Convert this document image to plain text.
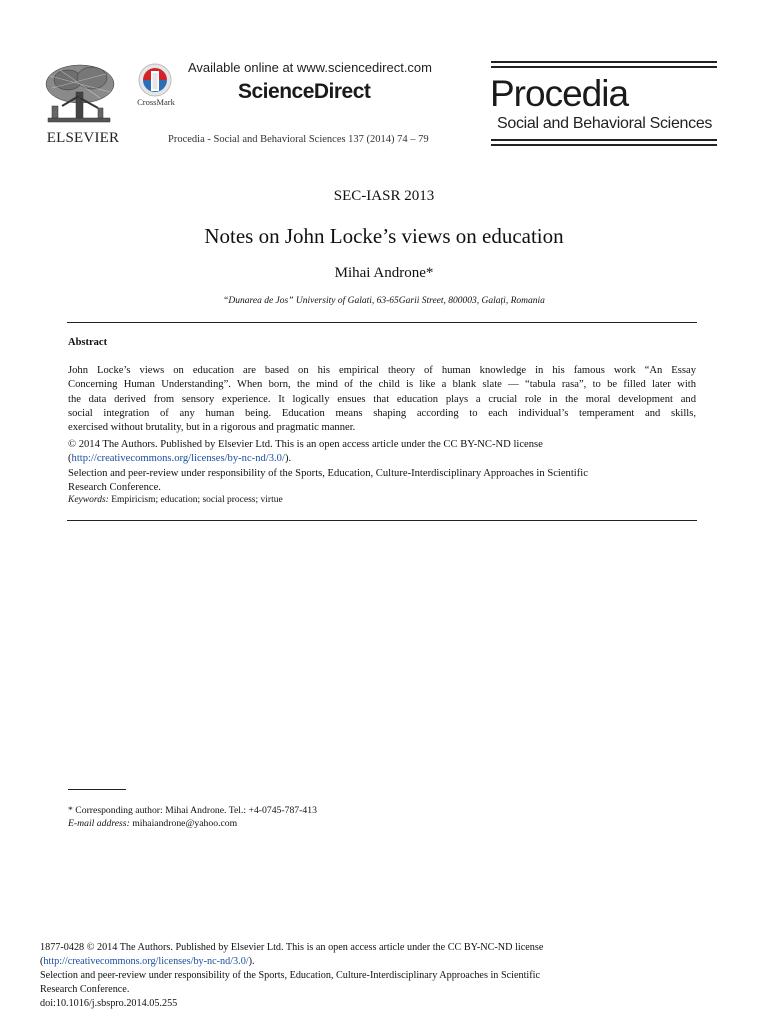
ELSEVIER
CrossMark
Available online at www.sciencedirect.com
ScienceDirect
Procedia - Social and Behavioral Sciences 137 (2014) 74 – 79
Procedia
Social and Behavioral Sciences
SEC-IASR 2013
Notes on John Locke’s views on education
Mihai Androne*
“Dunarea de Jos” University of Galati, 63-65Garii Street, 800003, Galați, Romania
Abstract
John Locke’s views on education are based on his empirical theory of human knowledge in his famous work “An Essay
Concerning Human Understanding”. When born, the mind of the child is like a blank slate — “tabula rasa”, to be filled later with
the data derived from sensory experience. It logically ensues that education plays a crucial role in the moral development and
social integration of any human being. Education means shaping according to each individual’s temperament and skills,
exercised without brutality, but in a rigorous and pragmatic manner.
© 2014 The Authors. Published by Elsevier Ltd. This is an open access article under the CC BY-NC-ND license
(http://creativecommons.org/licenses/by-nc-nd/3.0/).
Selection and peer-review under responsibility of the Sports, Education, Culture-Interdisciplinary Approaches in Scientific
Research Conference.
Keywords: Empiricism; education; social process; virtue
* Corresponding author: Mihai Androne. Tel.: +4-0745-787-413
E-mail address: mihaiandrone@yahoo.com
1877-0428 © 2014 The Authors. Published by Elsevier Ltd. This is an open access article under the CC BY-NC-ND license
(http://creativecommons.org/licenses/by-nc-nd/3.0/).
Selection and peer-review under responsibility of the Sports, Education, Culture-Interdisciplinary Approaches in Scientific
Research Conference.
doi:10.1016/j.sbspro.2014.05.255
